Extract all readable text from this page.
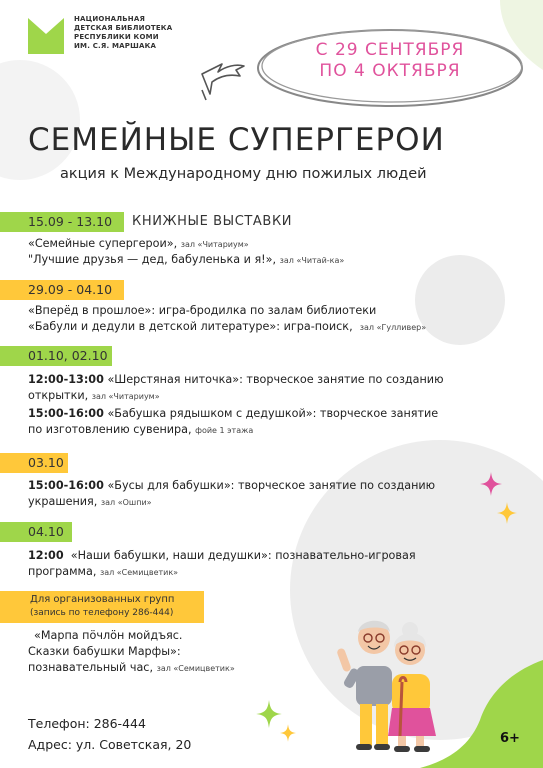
НАЦИОНАЛЬНАЯ
ДЕТСКАЯ БИБЛИОТЕКА
РЕСПУБЛИКИ КОМИ
ИМ. С.Я. МАРШАКА	С 29 СЕНТЯБРЯ
ПО 4 ОКТЯБРЯ
СЕМЕЙНЫЕ СУПЕРГЕРОИ
акция к Международному дню пожилых людей
15.09 - 13.10	КНИЖНЫЕ ВЫСТАВКИ
«Семейные супергерои», зал «Читариум»
"Лучшие друзья — дед, бабуленька и я!», зал «Читай-ка»
29.09 - 04.10
«Вперёд в прошлое»: игра-бродилка по залам библиотеки
«Бабули и дедули в детской литературе»: игра-поиск, зал «Гулливер»
01.10, 02.10
12:00-13:00 «Шерстяная ниточка»: творческое занятие по созданию
открытки, зал «Читариум»
15:00-16:00 «Бабушка рядышком с дедушкой»: творческое занятие
по изготовлению сувенира, фойе 1 этажа
03.10
15:00-16:00 «Бусы для бабушки»: творческое занятие по созданию
украшения, зал «Ошпи»
04.10
12:00 «Наши бабушки, наши дедушки»: познавательно-игровая
программа, зал «Семицветик»
Для организованных групп
(запись по телефону 286-444)
«Марпа пӧчлӧн мойдъяс.
Сказки бабушки Марфы»:
познавательный час, зал «Семицветик»
Телефон: 286-444
Адрес: ул. Советская, 20	6+
